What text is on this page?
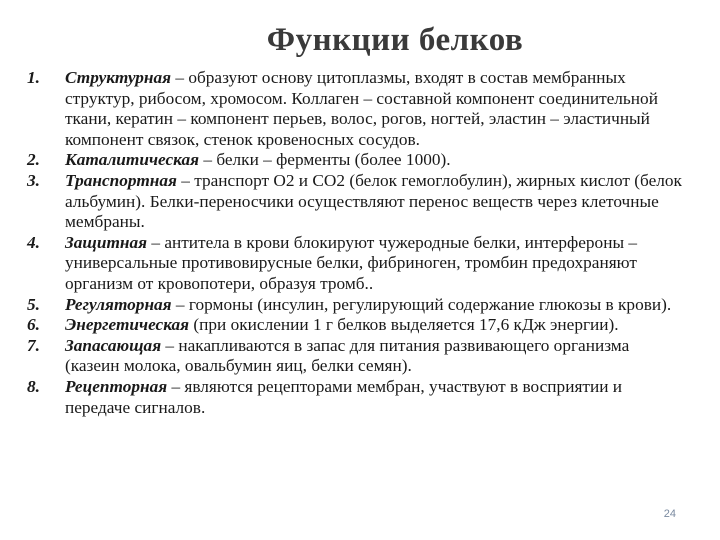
Функции белков
1.	Структурная – образуют основу цитоплазмы, входят в состав мембранных структур, рибосом, хромосом. Коллаген – составной компонент соединительной ткани, кератин – компонент перьев, волос, рогов, ногтей, эластин – эластичный компонент связок, стенок кровеносных сосудов.
2.	Каталитическая – белки – ферменты (более 1000).
3.	Транспортная – транспорт О2 и СО2 (белок гемоглобулин), жирных кислот (белок альбумин). Белки-переносчики осуществляют перенос веществ через клеточные мембраны.
4.	Защитная – антитела в крови блокируют чужеродные белки, интерфероны – универсальные противовирусные белки, фибриноген, тромбин предохраняют организм от кровопотери, образуя тромб..
5.	Регуляторная – гормоны (инсулин, регулирующий содержание глюкозы в крови).
6.	Энергетическая (при окислении 1 г белков выделяется 17,6 кДж энергии).
7.	Запасающая – накапливаются в запас для питания развивающего организма (казеин молока, овальбумин яиц, белки семян).
8.	Рецепторная – являются рецепторами мембран, участвуют в восприятии и передаче сигналов.
24
